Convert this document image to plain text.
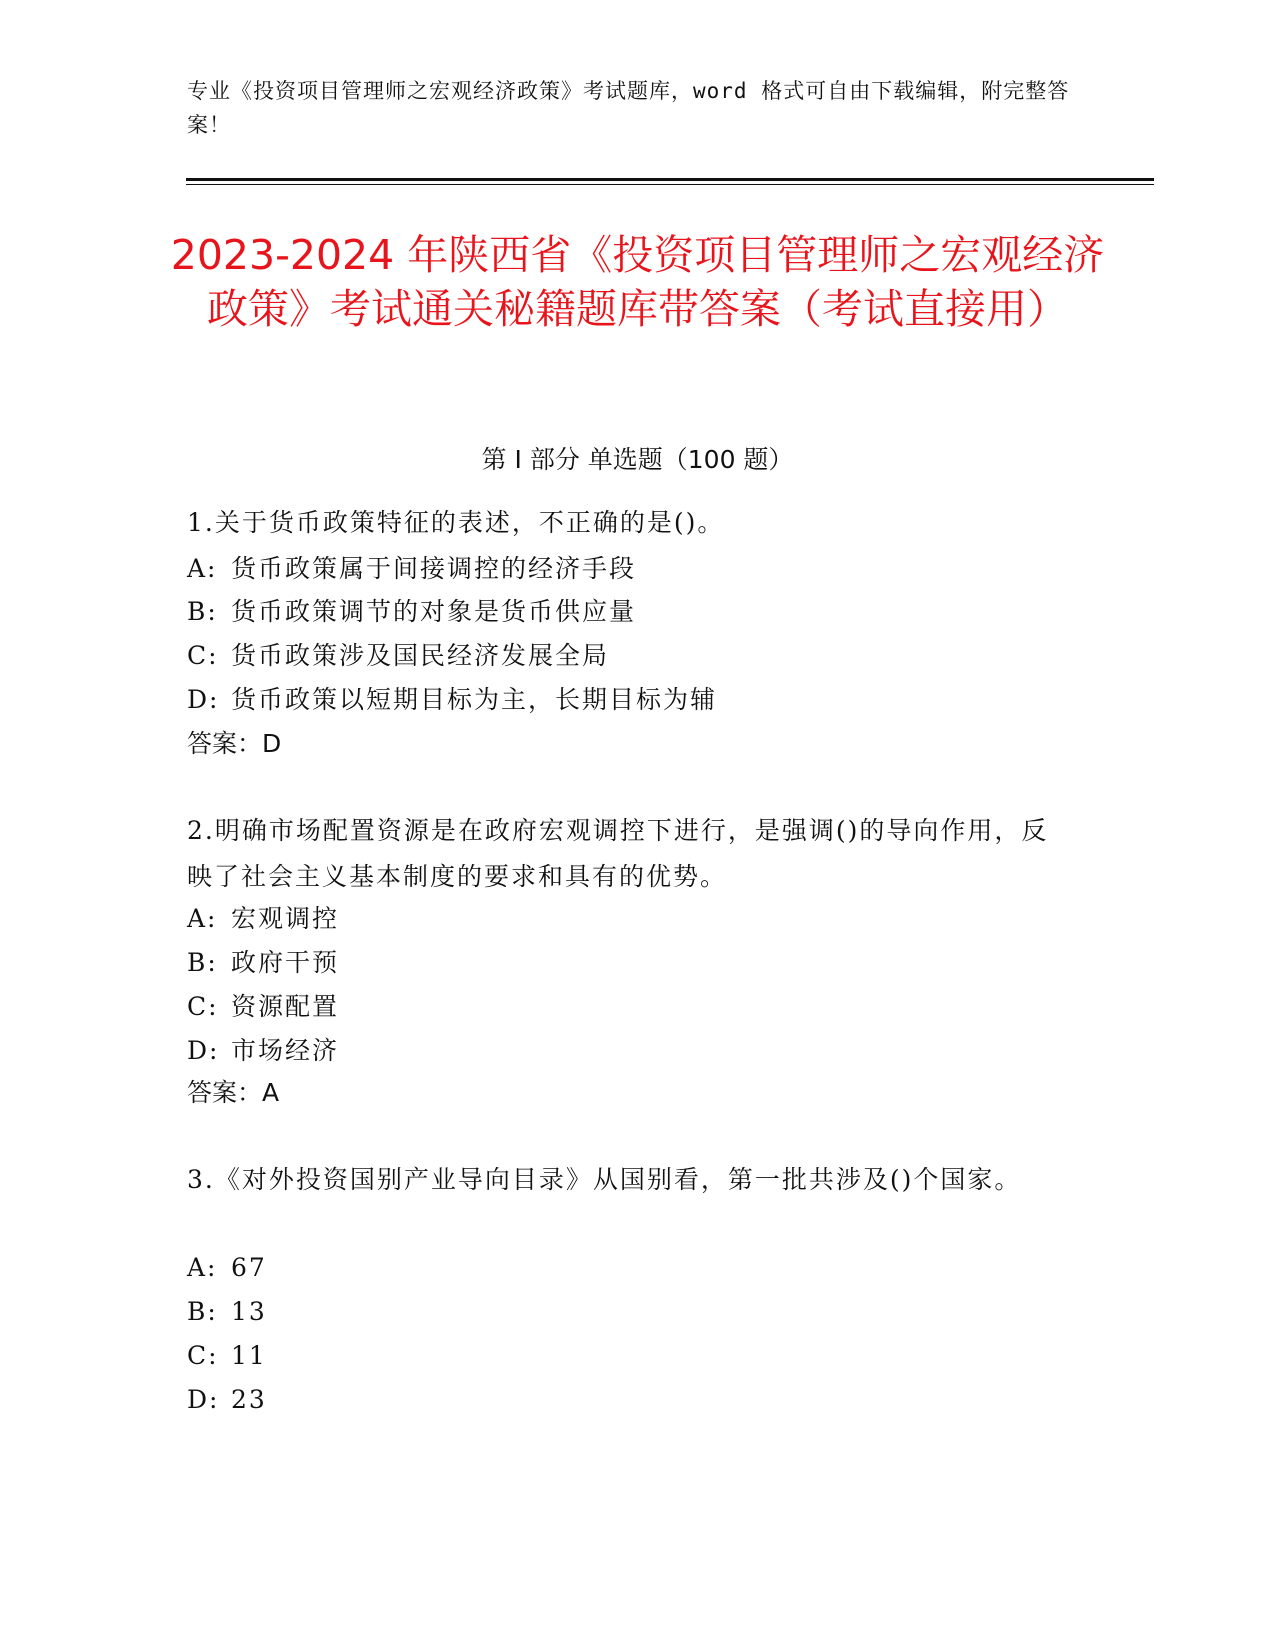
专业《投资项目管理师之宏观经济政策》考试题库，word 格式可自由下载编辑，附完整答案！
2023-2024 年陕西省《投资项目管理师之宏观经济政策》考试通关秘籍题库带答案（考试直接用）
第 I 部分 单选题（100 题）
1.关于货币政策特征的表述，不正确的是()。
A: 货币政策属于间接调控的经济手段
B: 货币政策调节的对象是货币供应量
C: 货币政策涉及国民经济发展全局
D: 货币政策以短期目标为主，长期目标为辅
答案：D
2.明确市场配置资源是在政府宏观调控下进行，是强调()的导向作用，反映了社会主义基本制度的要求和具有的优势。
A: 宏观调控
B: 政府干预
C: 资源配置
D: 市场经济
答案：A
3.《对外投资国别产业导向目录》从国别看，第一批共涉及()个国家。
A: 67
B: 13
C: 11
D: 23
